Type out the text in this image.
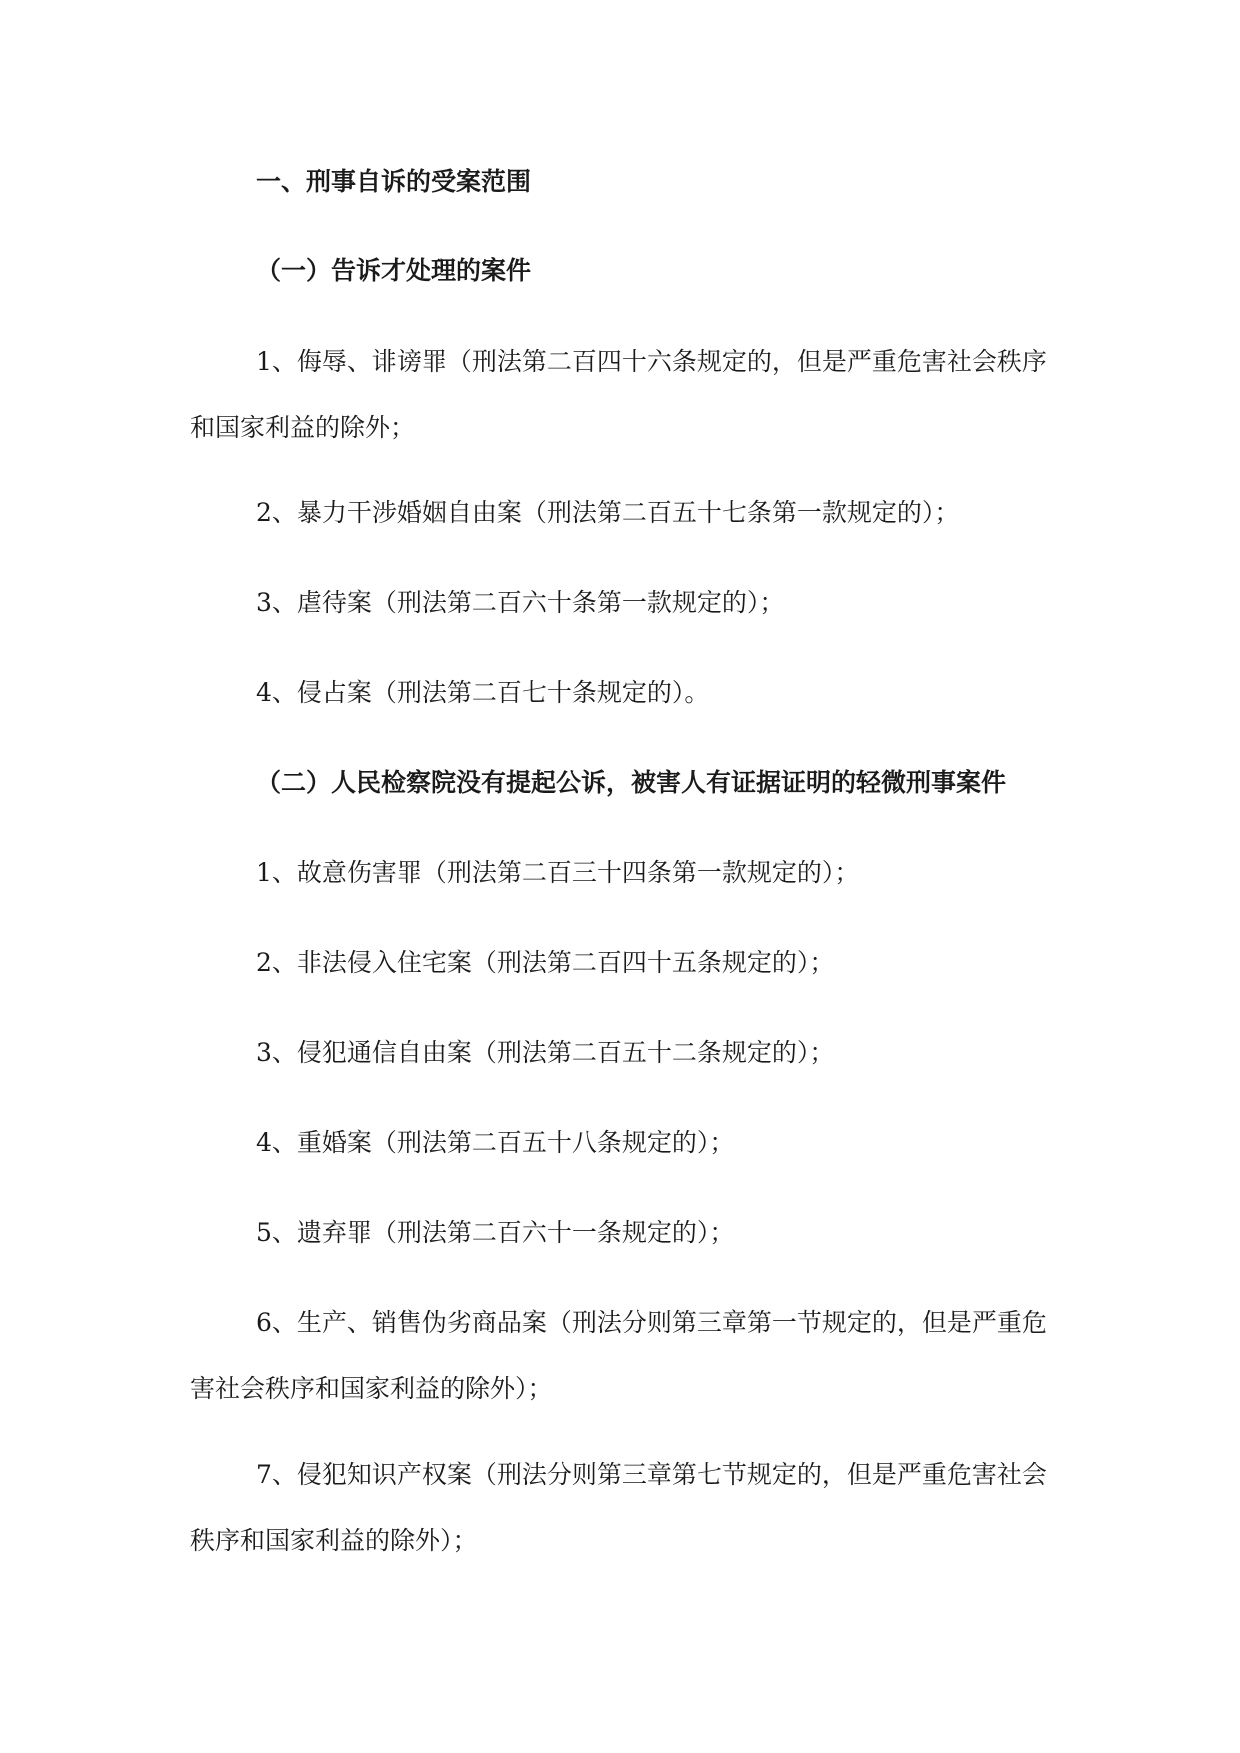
一、刑事自诉的受案范围
（一）告诉才处理的案件
1、侮辱、诽谤罪（刑法第二百四十六条规定的，但是严重危害社会秩序
和国家利益的除外；
2、暴力干涉婚姻自由案（刑法第二百五十七条第一款规定的）；
3、虐待案（刑法第二百六十条第一款规定的）；
4、侵占案（刑法第二百七十条规定的）。
（二）人民检察院没有提起公诉，被害人有证据证明的轻微刑事案件
1、故意伤害罪（刑法第二百三十四条第一款规定的）；
2、非法侵入住宅案（刑法第二百四十五条规定的）；
3、侵犯通信自由案（刑法第二百五十二条规定的）；
4、重婚案（刑法第二百五十八条规定的）；
5、遗弃罪（刑法第二百六十一条规定的）；
6、生产、销售伪劣商品案（刑法分则第三章第一节规定的，但是严重危
害社会秩序和国家利益的除外）；
7、侵犯知识产权案（刑法分则第三章第七节规定的，但是严重危害社会
秩序和国家利益的除外）；
